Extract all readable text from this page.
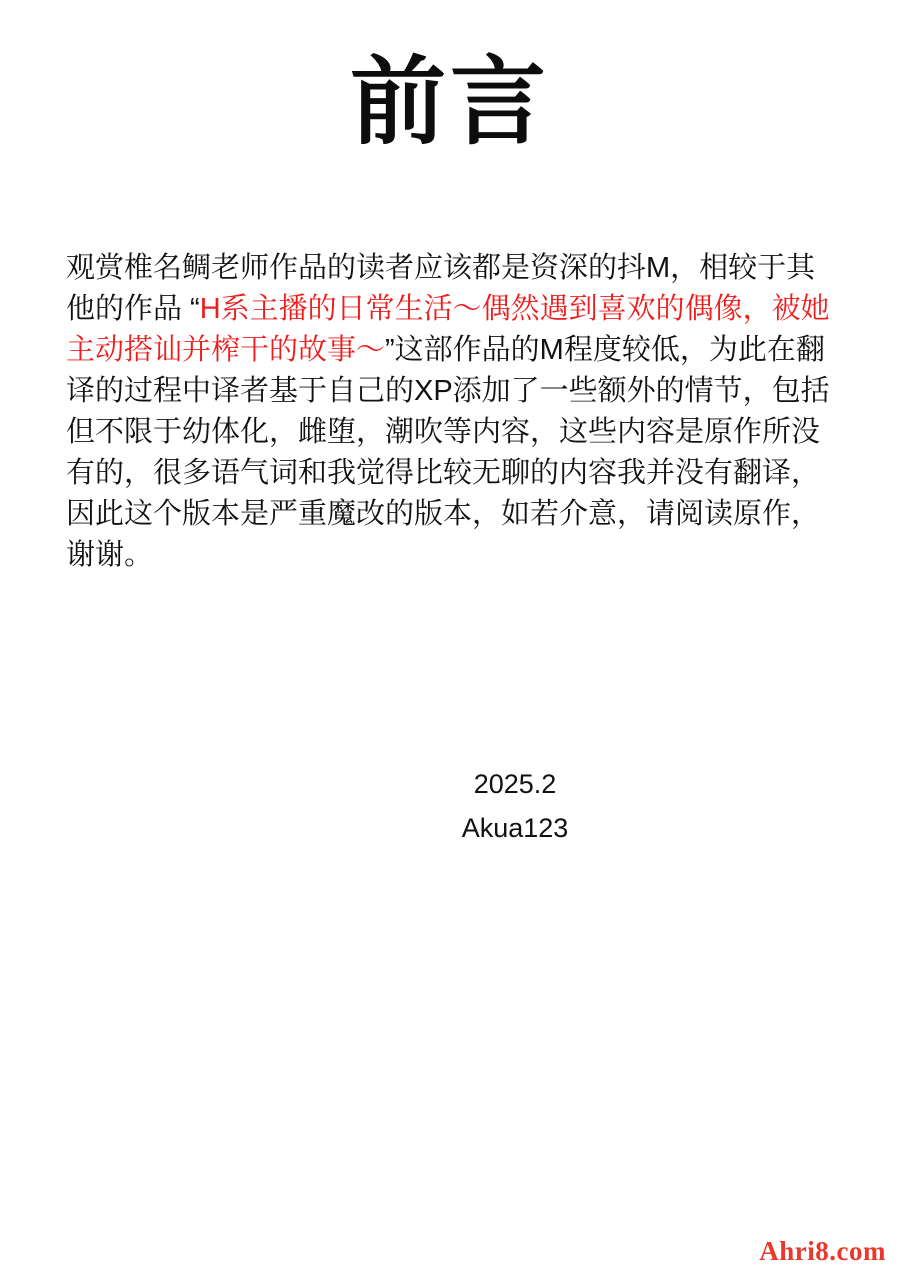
前言
观赏椎名鲷老师作品的读者应该都是资深的抖M，相较于其他的作品 “H系主播的日常生活～偶然遇到喜欢的偶像，被她主动搭讪并榨干的故事～”这部作品的M程度较低，为此在翻译的过程中译者基于自己的XP添加了一些额外的情节，包括但不限于幼体化，雌堕，潮吹等内容，这些内容是原作所没有的，很多语气词和我觉得比较无聊的内容我并没有翻译，因此这个版本是严重魔改的版本，如若介意，请阅读原作，谢谢。
2025.2
Akua123
Ahri8.com
